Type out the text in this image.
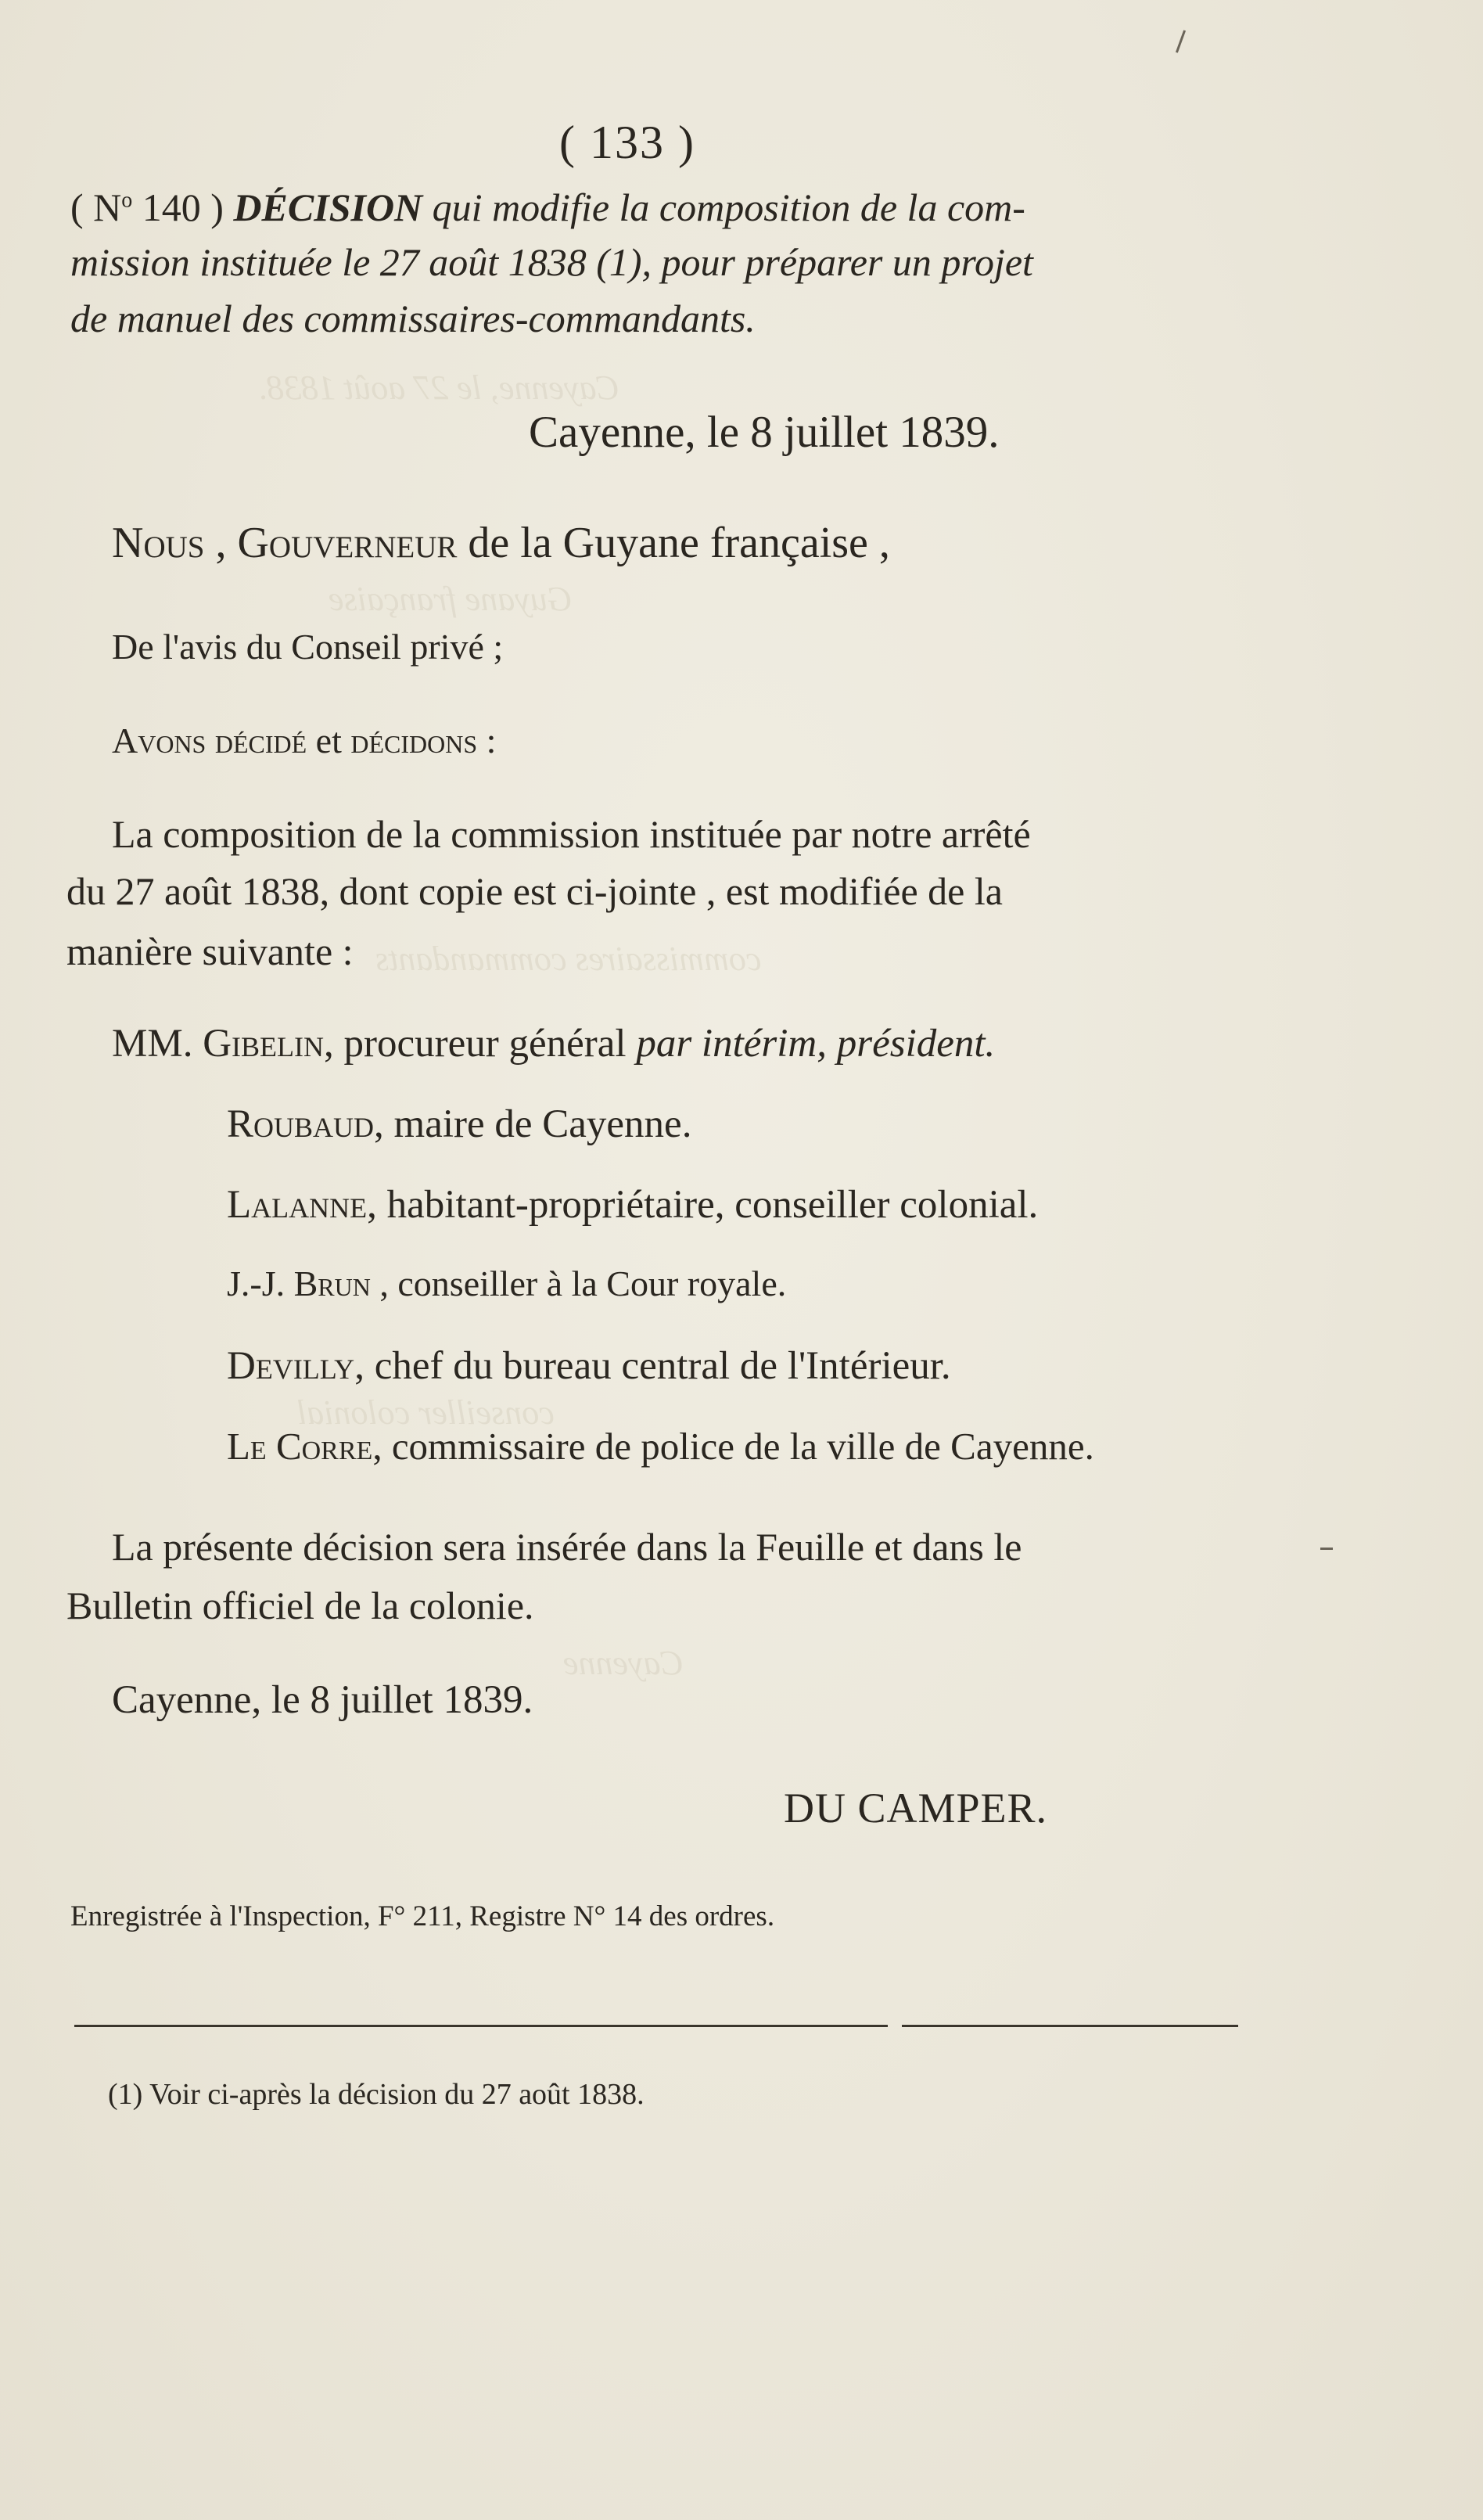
Cayenne, le 27 août 1838.
Guyane française
commissaires commandants
conseiller colonial
Cayenne
( 133 )
( $N^o$ 140 ) DÉCISION qui modifie la composition de la com-
mission instituée le 27 août 1838 (1), pour préparer un projet
de manuel des commissaires-commandants.
Cayenne, le 8 juillet 1839.
Nous , Gouverneur de la Guyane française ,
De l'avis du Conseil privé ;
Avons décidé et décidons :
La composition de la commission instituée par notre arrêté
du 27 août 1838, dont copie est ci-jointe , est modifiée de la
manière suivante :
MM. Gibelin, procureur général par intérim, président.
Roubaud, maire de Cayenne.
Lalanne, habitant-propriétaire, conseiller colonial.
J.-J. Brun , conseiller à la Cour royale.
Devilly, chef du bureau central de l'Intérieur.
Le Corre, commissaire de police de la ville de Cayenne.
La présente décision sera insérée dans la Feuille et dans le
Bulletin officiel de la colonie.
Cayenne, le 8 juillet 1839.
DU CAMPER.
Enregistrée à l'Inspection, F° 211, Registre N° 14 des ordres.
(1) Voir ci-après la décision du 27 août 1838.
